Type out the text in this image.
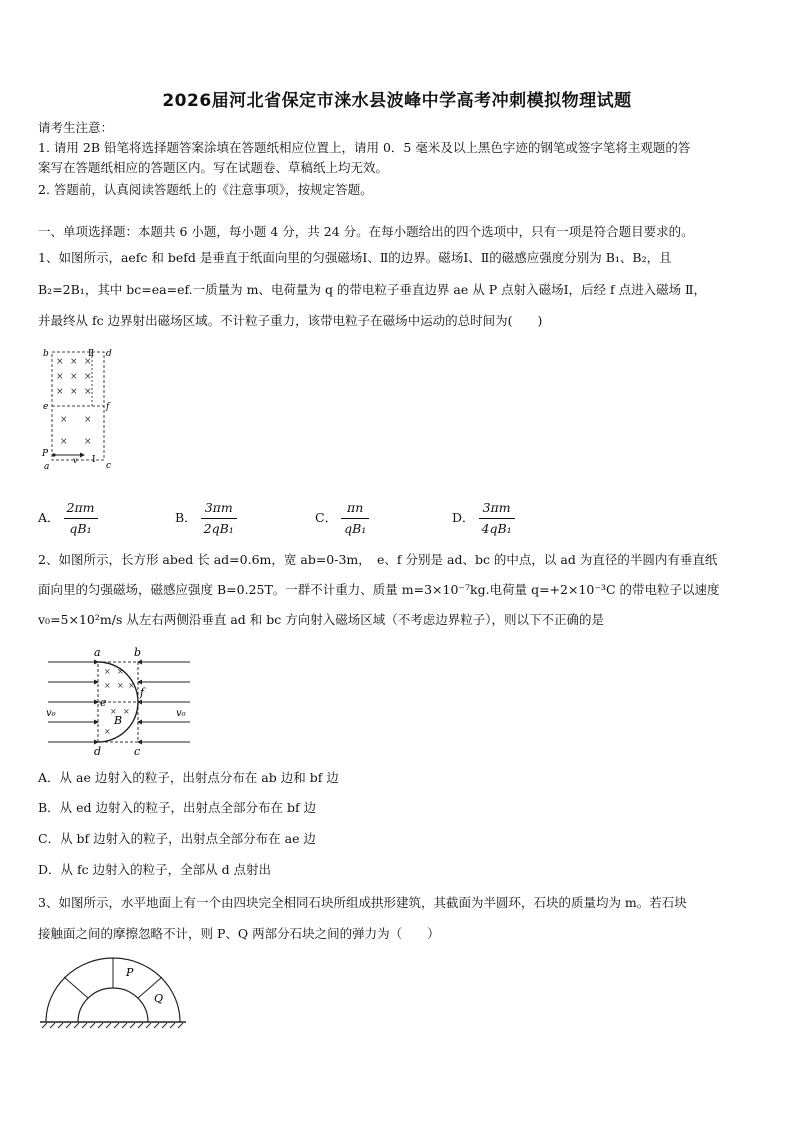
2026届河北省保定市涞水县波峰中学高考冲刺模拟物理试题
请考生注意：
1. 请用 2B 铅笔将选择题答案涂填在答题纸相应位置上，请用 0．5 毫米及以上黑色字迹的钢笔或签字笔将主观题的答
案写在答题纸相应的答题区内。写在试题卷、草稿纸上均无效。
2. 答题前，认真阅读答题纸上的《注意事项》，按规定答题。
一、单项选择题：本题共 6 小题，每小题 4 分，共 24 分。在每小题给出的四个选项中，只有一项是符合题目要求的。
1、如图所示，aefc 和 befd 是垂直于纸面向里的匀强磁场Ⅰ、Ⅱ的边界。磁场Ⅰ、Ⅱ的磁感应强度分别为 B₁、B₂，且
B₂=2B₁，其中 bc=ea=ef.一质量为 m、电荷量为 q 的带电粒子垂直边界 ae 从 P 点射入磁场Ⅰ，后经 f 点进入磁场 Ⅱ，
并最终从 fc 边界射出磁场区域。不计粒子重力，该带电粒子在磁场中运动的总时间为(　　)
b	d
Ⅱ
e	f
P
a	c
v Ⅰ
× × ×
× × ×
× × ×
× ×
× ×
A． $\frac{2\pi m}{\text{qB₁}}$	B． $\frac{3\pi m}{\text{2qB₁}}$	C． $\frac{\pi n}{\text{qB₁}}$	D． $\frac{3\pi m}{\text{4qB₁}}$
2、如图所示，长方形 abed 长 ad=0.6m，宽 ab=0-3m，　e、f 分别是 ad、bc 的中点，以 ad 为直径的半圆内有垂直纸
面向里的匀强磁场，磁感应强度 B=0.25T。一群不计重力、质量 m=3×10⁻⁷kg.电荷量 q=+2×10⁻³C 的带电粒子以速度
v₀=5×10²m/s 从左右两侧沿垂直 ad 和 bc 方向射入磁场区域（不考虑边界粒子），则以下不正确的是
a	b
e
f
d	c
B
v₀	v₀
× ×
× × ×
× ×
×
A．从 ae 边射入的粒子，出射点分布在 ab 边和 bf 边
B．从 ed 边射入的粒子，出射点全部分布在 bf 边
C．从 bf 边射入的粒子，出射点全部分布在 ae 边
D．从 fc 边射入的粒子，全部从 d 点射出
3、如图所示，水平地面上有一个由四块完全相同石块所组成拱形建筑，其截面为半圆环，石块的质量均为 m。若石块
接触面之间的摩擦忽略不计，则 P、Q 两部分石块之间的弹力为（　　）
P
Q
